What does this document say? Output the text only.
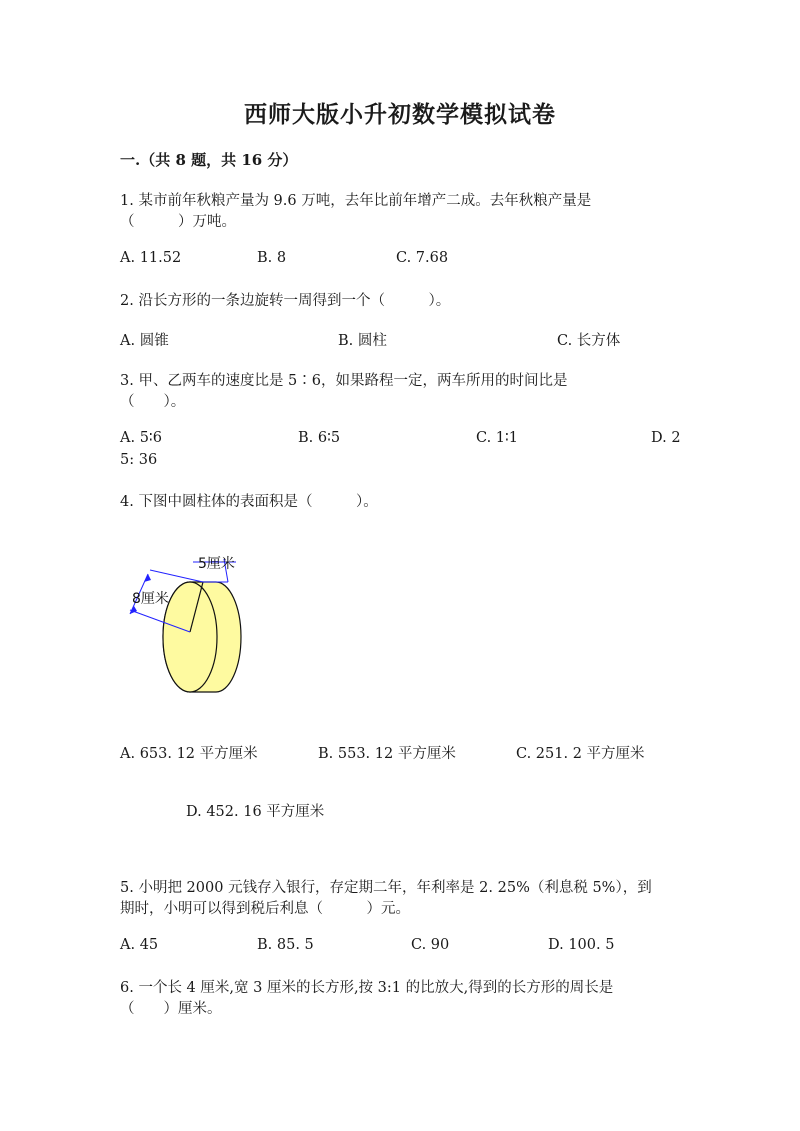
西师大版小升初数学模拟试卷
一.（共 8 题，共 16 分）
1. 某市前年秋粮产量为 9.6 万吨，去年比前年增产二成。去年秋粮产量是
（　　　）万吨。
A. 11.52	B. 8	C. 7.68
2. 沿长方形的一条边旋转一周得到一个（　　　）。
A. 圆锥	B. 圆柱	C. 长方体
3. 甲、乙两车的速度比是 5∶6，如果路程一定，两车所用的时间比是
（　　）。
A. 5∶6	B. 6∶5	C. 1∶1	D. 2
5: 36
4. 下图中圆柱体的表面积是（　　　）。
5厘米
8厘米
A. 653. 12 平方厘米	B. 553. 12 平方厘米	C. 251. 2 平方厘米
D. 452. 16 平方厘米
5. 小明把 2000 元钱存入银行，存定期二年，年利率是 2. 25%（利息税 5%），到
期时，小明可以得到税后利息（　　　）元。
A. 45	B. 85. 5	C. 90	D. 100. 5
6. 一个长 4 厘米,宽 3 厘米的长方形,按 3:1 的比放大,得到的长方形的周长是
（　　）厘米。
